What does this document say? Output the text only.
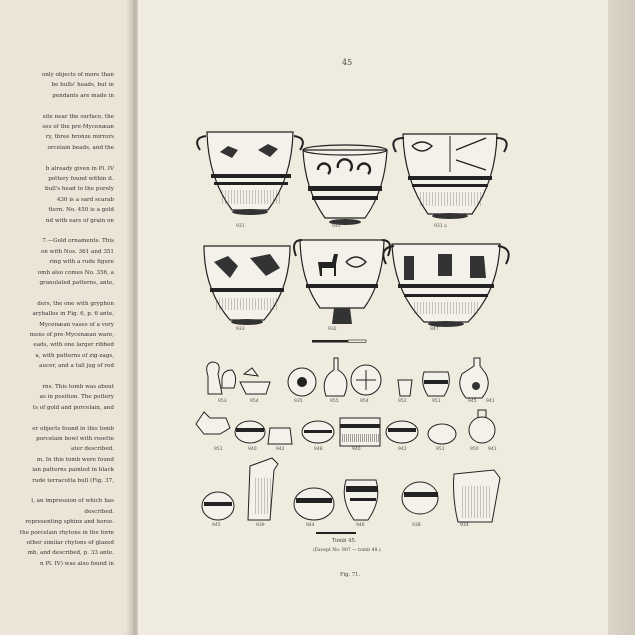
only objects of more than
be bulls' heads, but in
pendants are made in
site near the surface, the
ses of the pre-Mycenæan
ry, three bronze mirrors
orcelain beads, and the
b already given in Pl. IV
pottery found within it.
bull's head to the purely
430 is a sard scarab
ttern. No. 450 is a gold
nd with ears of grain on
7.—Gold ornaments. This
on with Nos. 361 and 351
ring with a rude figure
omb also comes No. 356, a
granulated patterns, ante,
ders, the one with gryphon
aryballos in Fig. 6, p. 6 ante,
Mycenæan vases of a very
mens of pre-Mycenæan ware,
eads, with one larger ribbed
a, with patterns of zig-zags,
aucer, and a tall jug of red
rns. This tomb was about
as in position. The pottery
ts of gold and porcelain, and
er objects found in this tomb
porcelain bowl with rosette
ater described.
m. In this tomb were found
ian patterns painted in black
rude terracotta bull (Fig. 37,
l, an impression of which has
described.
representing sphinx and horse.
the porcelain rhytons in the form
other similar rhytons of glazed
mb, and described, p. 33 ante.
n Pl. IV) was also found in
45
931	931	931 a
933	932	947
953	954	935	955	954	952	951	945 941
951	940	942	948	940	942	951	950 941
945	939	944	946	938	934
Tomb 45.
(Except No. 907 — tomb 48.)
Fig. 71.
